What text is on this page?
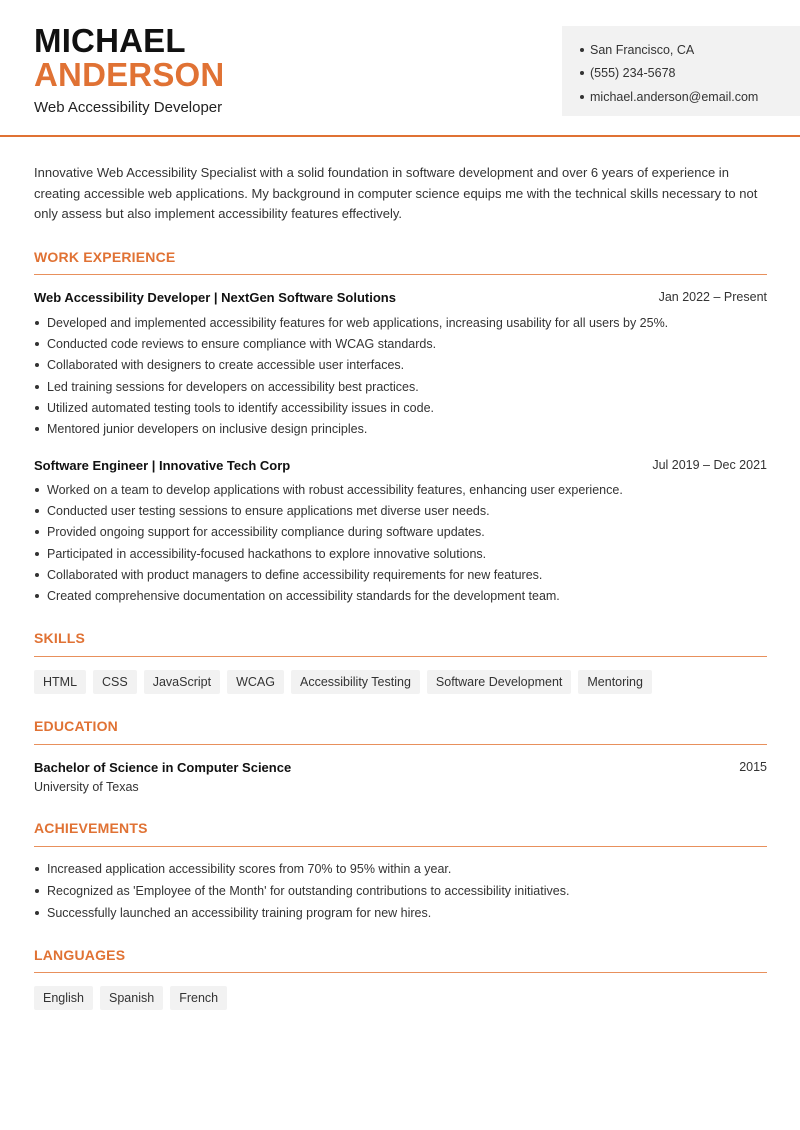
MICHAEL
ANDERSON
Web Accessibility Developer
San Francisco, CA
(555) 234-5678
michael.anderson@email.com

Innovative Web Accessibility Specialist with a solid foundation in software development and over 6 years of experience in creating accessible web applications. My background in computer science equips me with the technical skills necessary to not only assess but also implement accessibility features effectively.

WORK EXPERIENCE
Web Accessibility Developer | NextGen Software Solutions	Jan 2022 – Present
Developed and implemented accessibility features for web applications, increasing usability for all users by 25%.
Conducted code reviews to ensure compliance with WCAG standards.
Collaborated with designers to create accessible user interfaces.
Led training sessions for developers on accessibility best practices.
Utilized automated testing tools to identify accessibility issues in code.
Mentored junior developers on inclusive design principles.
Software Engineer | Innovative Tech Corp	Jul 2019 – Dec 2021
Worked on a team to develop applications with robust accessibility features, enhancing user experience.
Conducted user testing sessions to ensure applications met diverse user needs.
Provided ongoing support for accessibility compliance during software updates.
Participated in accessibility-focused hackathons to explore innovative solutions.
Collaborated with product managers to define accessibility requirements for new features.
Created comprehensive documentation on accessibility standards for the development team.
SKILLS
HTML	CSS	JavaScript	WCAG	Accessibility Testing	Software Development	Mentoring
EDUCATION
Bachelor of Science in Computer Science	2015
University of Texas
ACHIEVEMENTS
Increased application accessibility scores from 70% to 95% within a year.
Recognized as 'Employee of the Month' for outstanding contributions to accessibility initiatives.
Successfully launched an accessibility training program for new hires.
LANGUAGES
English	Spanish	French
